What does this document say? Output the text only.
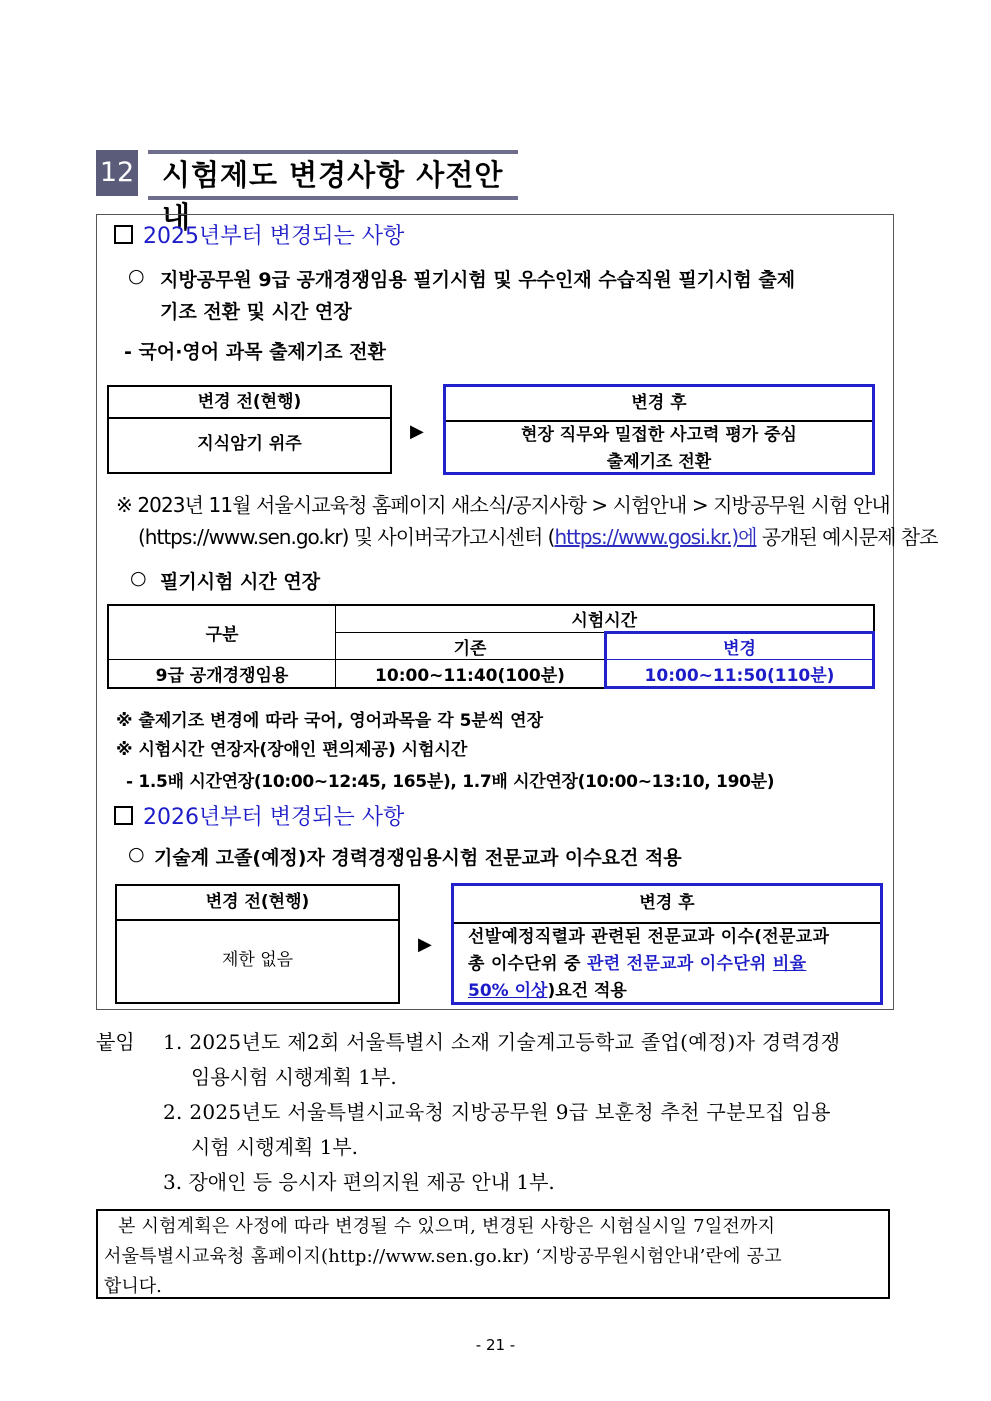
12 시험제도 변경사항 사전안내
2025년부터 변경되는 사항
○ 지방공무원 9급 공개경쟁임용 필기시험 및 우수인재 수습직원 필기시험 출제
기조 전환 및 시간 연장
- 국어·영어 과목 출제기조 전환
변경 전(현행)
지식암기 위주
▶
변경 후
현장 직무와 밀접한 사고력 평가 중심
출제기조 전환
※ 2023년 11월 서울시교육청 홈페이지 새소식/공지사항 > 시험안내 > 지방공무원 시험 안내
(https://www.sen.go.kr) 및 사이버국가고시센터 (https://www.gosi.kr.)에 공개된 예시문제 참조
○ 필기시험 시간 연장
구분	시험시간	
	기존	변경
9급 공개경쟁임용	10:00~11:40(100분)	10:00~11:50(110분)
※ 출제기조 변경에 따라 국어, 영어과목을 각 5분씩 연장
※ 시험시간 연장자(장애인 편의제공) 시험시간
- 1.5배 시간연장(10:00~12:45, 165분), 1.7배 시간연장(10:00~13:10, 190분)
2026년부터 변경되는 사항
○ 기술계 고졸(예정)자 경력경쟁임용시험 전문교과 이수요건 적용
변경 전(현행)
제한 없음
▶
변경 후
선발예정직렬과 관련된 전문교과 이수(전문교과
총 이수단위 중 관련 전문교과 이수단위 비율
50% 이상)요건 적용
붙임 1. 2025년도 제2회 서울특별시 소재 기술계고등학교 졸업(예정)자 경력경쟁
임용시험 시행계획 1부.
2. 2025년도 서울특별시교육청 지방공무원 9급 보훈청 추천 구분모집 임용
시험 시행계획 1부.
3. 장애인 등 응시자 편의지원 제공 안내 1부.
본 시험계획은 사정에 따라 변경될 수 있으며, 변경된 사항은 시험실시일 7일전까지
서울특별시교육청 홈페이지(http://www.sen.go.kr) ‘지방공무원시험안내’란에 공고
합니다.
- 21 -
